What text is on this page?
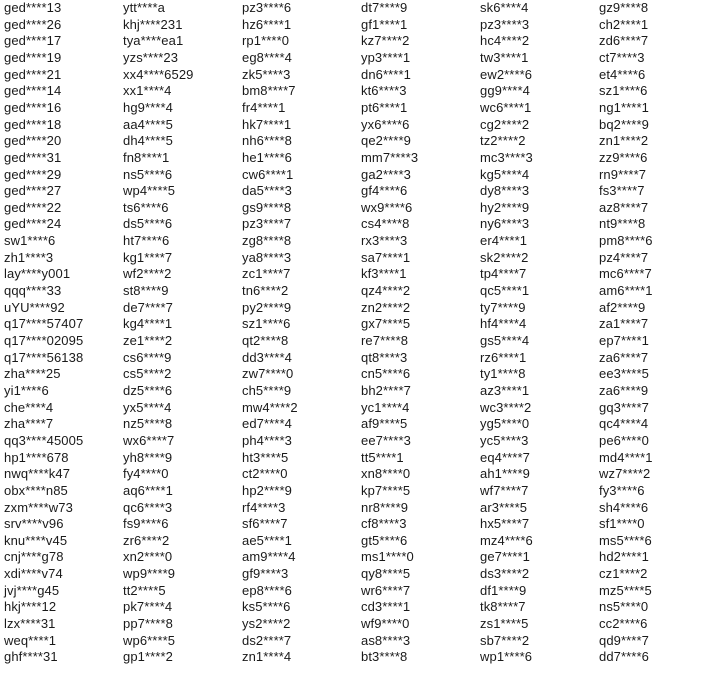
ged****13
ged****26
ged****17
ged****19
ged****21
ged****14
ged****16
ged****18
ged****20
ged****31
ged****29
ged****27
ged****22
ged****24
sw1****6
zh1****3
lay****y001
qqq****33
uYU****92
q17****57407
q17****02095
q17****56138
zha****25
yi1****6
che****4
zha****7
qq3****45005
hp1****678
nwq****k47
obx****n85
zxm****w73
srv****v96
knu****v45
cnj****g78
xdi****v74
jvj****g45
hkj****12
lzx****31
weq****1
ghf****31
ytt****a
khj****231
tya****ea1
yzs****23
xx4****6529
xx1****4
hg9****4
aa4****5
dh4****5
fn8****1
ns5****6
wp4****5
ts6****6
ds5****6
ht7****6
kg1****7
wf2****2
st8****9
de7****7
kg4****1
ze1****2
cs6****9
cs5****2
dz5****6
yx5****4
nz5****8
wx6****7
yh8****9
fy4****0
aq6****1
qc6****3
fs9****6
zr6****2
xn2****0
wp9****9
tt2****5
pk7****4
pp7****8
wp6****5
gp1****2
pz3****6
hz6****1
rp1****0
eg8****4
zk5****3
bm8****7
fr4****1
hk7****1
nh6****8
he1****6
cw6****1
da5****3
gs9****8
pz3****7
zg8****8
ya8****3
zc1****7
tn6****2
py2****9
sz1****6
qt2****8
dd3****4
zw7****0
ch5****9
mw4****2
ed7****4
ph4****3
ht3****5
ct2****0
hp2****9
rf4****3
sf6****7
ae5****1
am9****4
gf9****3
ep8****6
ks5****6
ys2****2
ds2****7
zn1****4
dt7****9
gf1****1
kz7****2
yp3****1
dn6****1
kt6****3
pt6****1
yx6****6
qe2****9
mm7****3
ga2****3
gf4****6
wx9****6
cs4****8
rx3****3
sa7****1
kf3****1
qz4****2
zn2****2
gx7****5
re7****8
qt8****3
cn5****6
bh2****7
yc1****4
af9****5
ee7****3
tt5****1
xn8****0
kp7****5
nr8****9
cf8****3
gt5****6
ms1****0
qy8****5
wr6****7
cd3****1
wf9****0
as8****3
bt3****8
sk6****4
pz3****3
hc4****2
tw3****1
ew2****6
gg9****4
wc6****1
cg2****2
tz2****2
mc3****3
kg5****4
dy8****3
hy2****9
ny6****3
er4****1
sk2****2
tp4****7
qc5****1
ty7****9
hf4****4
gs5****4
rz6****1
ty1****8
az3****1
wc3****2
yg5****0
yc5****3
eq4****7
ah1****9
wf7****7
ar3****5
hx5****7
mz4****6
ge7****1
ds3****2
df1****9
tk8****7
zs1****5
sb7****2
wp1****6
gz9****8
ch2****1
zd6****7
ct7****3
et4****6
sz1****6
ng1****1
bq2****9
zn1****2
zz9****6
rn9****7
fs3****7
az8****7
nt9****8
pm8****6
pz4****7
mc6****7
am6****1
af2****9
za1****7
ep7****1
za6****7
ee3****5
za6****9
gq3****7
qc4****4
pe6****0
md4****1
wz7****2
fy3****6
sh4****6
sf1****0
ms5****6
hd2****1
cz1****2
mz5****5
ns5****0
cc2****6
qd9****7
dd7****6
